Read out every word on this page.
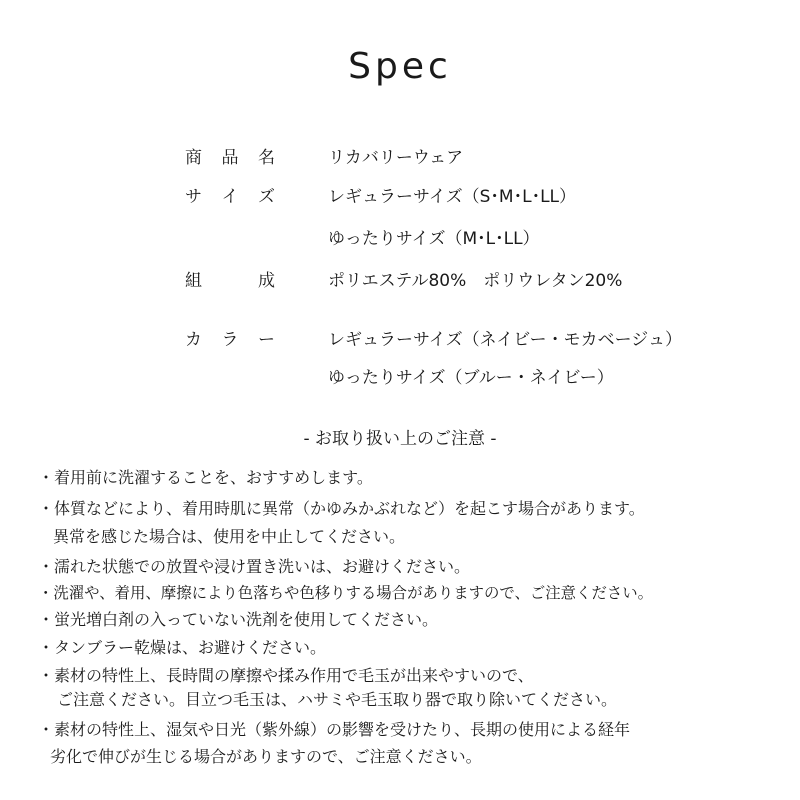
Spec
商 品 名	リカバリーウェア
サ イ ズ	レギュラーサイズ（S･M･L･LL）
ゆったりサイズ（M･L･LL）
組	成	ポリエステル80%　ポリウレタン20%
カ ラ ー	レギュラーサイズ（ネイビー・モカベージュ）
ゆったりサイズ（ブルー・ネイビー）
- お取り扱い上のご注意 -
・着用前に洗濯することを、おすすめします。
・体質などにより、着用時肌に異常（かゆみかぶれなど）を起こす場合があります。
異常を感じた場合は、使用を中止してください。
・濡れた状態での放置や浸け置き洗いは、お避けください。
・洗濯や、着用、摩擦により色落ちや色移りする場合がありますので、ご注意ください。
・蛍光増白剤の入っていない洗剤を使用してください。
・タンブラー乾燥は、お避けください。
・素材の特性上、長時間の摩擦や揉み作用で毛玉が出来やすいので、
ご注意ください。目立つ毛玉は、ハサミや毛玉取り器で取り除いてください。
・素材の特性上、湿気や日光（紫外線）の影響を受けたり、長期の使用による経年
劣化で伸びが生じる場合がありますので、ご注意ください。
